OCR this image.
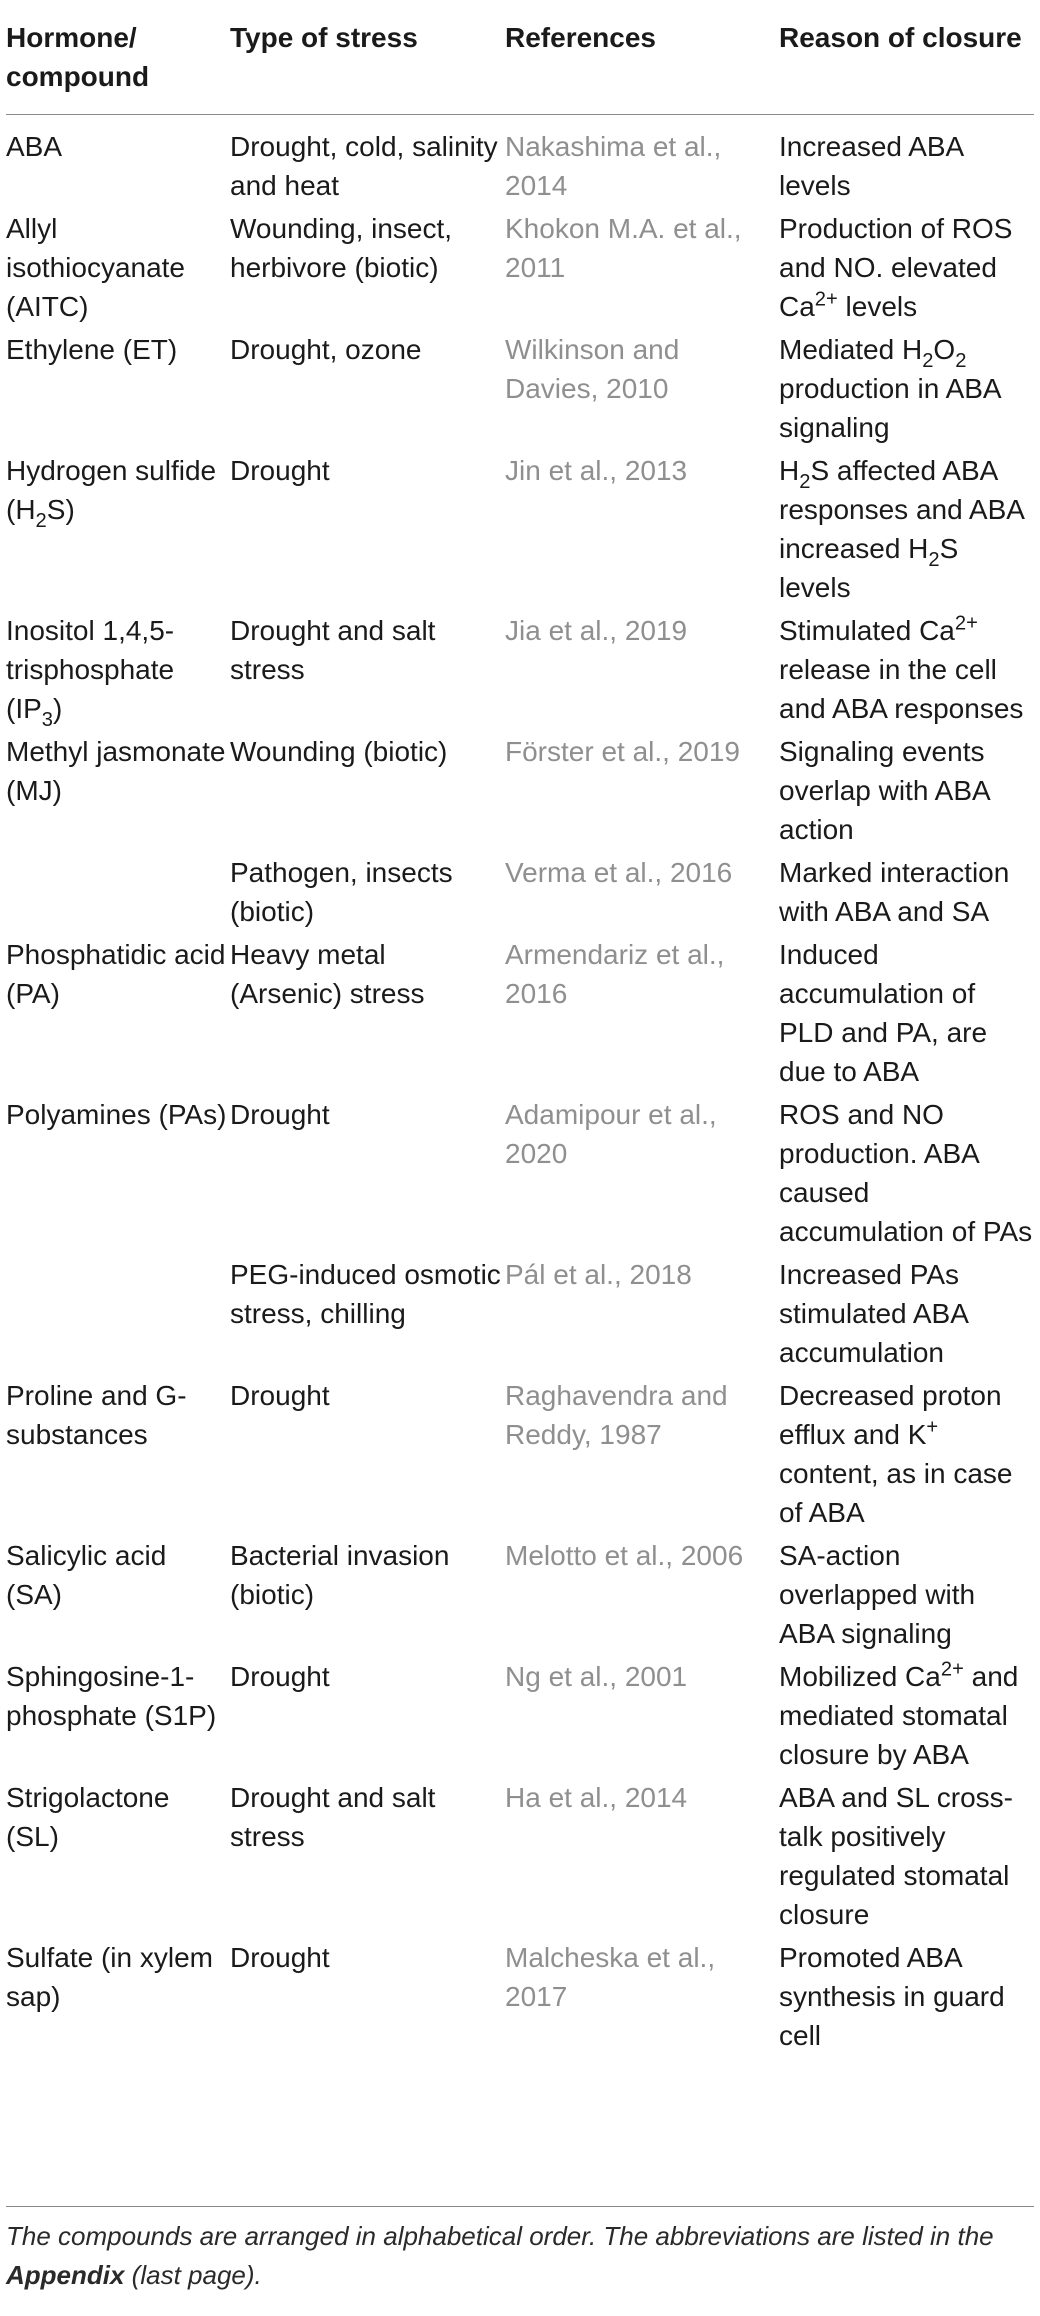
Hormone/ compound	Type of stress	References	Reason of closure
ABA	Drought, cold, salinity and heat	Nakashima et al., 2014	Increased ABA levels
Allyl isothiocyanate (AITC)	Wounding, insect, herbivore (biotic)	Khokon M.A. et al., 2011	Production of ROS and NO. elevated $Ca^{2+}$ levels
Ethylene (ET)	Drought, ozone	Wilkinson and Davies, 2010	Mediated $H_2O_2$ production in ABA signaling
Hydrogen sulfide $(H_2S)$	Drought	Jin et al., 2013	$H_2S$ affected ABA responses and ABA increased $H_2S$ levels
Inositol 1,4,5-trisphosphate $(IP_3)$	Drought and salt stress	Jia et al., 2019	Stimulated $Ca^{2+}$ release in the cell and ABA responses
Methyl jasmonate (MJ)	Wounding (biotic)	Förster et al., 2019	Signaling events overlap with ABA action
	Pathogen, insects (biotic)	Verma et al., 2016	Marked interaction with ABA and SA
Phosphatidic acid (PA)	Heavy metal (Arsenic) stress	Armendariz et al., 2016	Induced accumulation of PLD and PA, are due to ABA
Polyamines (PAs)	Drought	Adamipour et al., 2020	ROS and NO production. ABA caused accumulation of PAs
	PEG-induced osmotic stress, chilling	Pál et al., 2018	Increased PAs stimulated ABA accumulation
Proline and G-substances	Drought	Raghavendra and Reddy, 1987	Decreased proton efflux and K+ content, as in case of ABA
Salicylic acid (SA)	Bacterial invasion (biotic)	Melotto et al., 2006	SA-action overlapped with ABA signaling
Sphingosine-1-phosphate (S1P)	Drought	Ng et al., 2001	Mobilized $Ca^{2+}$ and mediated stomatal closure by ABA
Strigolactone (SL)	Drought and salt stress	Ha et al., 2014	ABA and SL cross-talk positively regulated stomatal closure
Sulfate (in xylem sap)	Drought	Malcheska et al., 2017	Promoted ABA synthesis in guard cell
The compounds are arranged in alphabetical order. The abbreviations are listed in the Appendix (last page).
